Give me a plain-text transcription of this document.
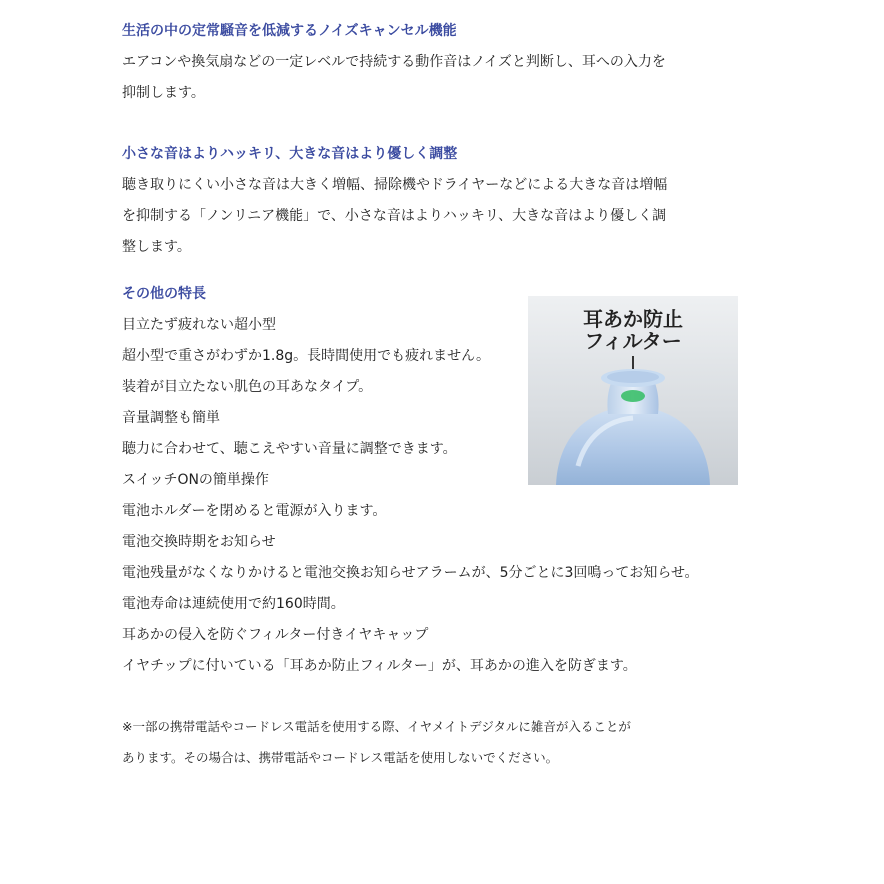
生活の中の定常騒音を低減するノイズキャンセル機能

エアコンや換気扇などの一定レベルで持続する動作音はノイズと判断し、耳への入力を

抑制します。

小さな音はよりハッキリ、大きな音はより優しく調整

聴き取りにくい小さな音は大きく増幅、掃除機やドライヤーなどによる大きな音は増幅

を抑制する「ノンリニア機能」で、小さな音はよりハッキリ、大きな音はより優しく調

整します。

その他の特長

目立たず疲れない超小型

超小型で重さがわずか1.8g。長時間使用でも疲れません。

装着が目立たない肌色の耳あなタイプ。

音量調整も簡単

聴力に合わせて、聴こえやすい音量に調整できます。

スイッチONの簡単操作

電池ホルダーを閉めると電源が入ります。

電池交換時期をお知らせ

電池残量がなくなりかけると電池交換お知らせアラームが、5分ごとに3回鳴ってお知らせ。

電池寿命は連続使用で約160時間。

耳あかの侵入を防ぐフィルター付きイヤキャップ

イヤチップに付いている「耳あか防止フィルター」が、耳あかの進入を防ぎます。

耳あか防止
フィルター

※一部の携帯電話やコードレス電話を使用する際、イヤメイトデジタルに雑音が入ることが

あります。その場合は、携帯電話やコードレス電話を使用しないでください。
